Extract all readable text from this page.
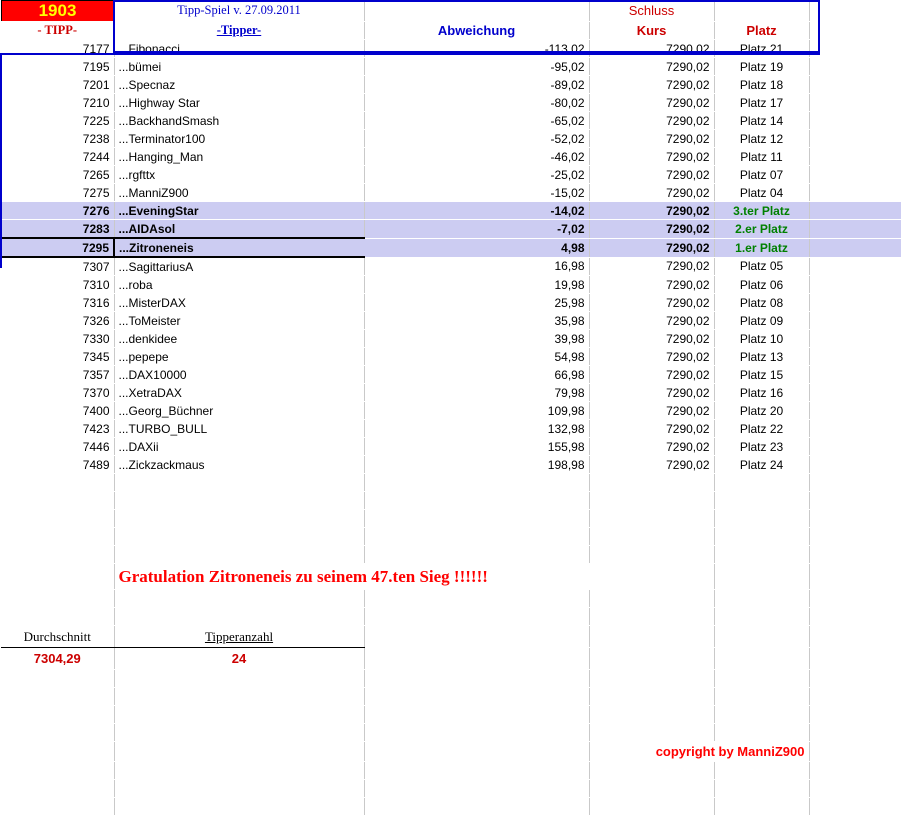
1903	Tipp-Spiel v. 27.09.2011		Schluss		
- TIPP-	-Tipper-	Abweichung	Kurs	Platz	
7177	...Fibonacci.	-113,02	7290,02	Platz 21	
7195	...bümei	-95,02	7290,02	Platz 19	
7201	...Specnaz	-89,02	7290,02	Platz 18	
7210	...Highway Star	-80,02	7290,02	Platz 17	
7225	...BackhandSmash	-65,02	7290,02	Platz 14	
7238	...Terminator100	-52,02	7290,02	Platz 12	
7244	...Hanging_Man	-46,02	7290,02	Platz 11	
7265	...rgfttx	-25,02	7290,02	Platz 07	
7275	...ManniZ900	-15,02	7290,02	Platz 04	
7276	...EveningStar	-14,02	7290,02	3.ter Platz	
7283	...AIDAsol	-7,02	7290,02	2.er Platz	
7295	...Zitroneneis	4,98	7290,02	1.er Platz	
7307	...SagittariusA	16,98	7290,02	Platz 05	
7310	...roba	19,98	7290,02	Platz 06	
7316	...MisterDAX	25,98	7290,02	Platz 08	
7326	...ToMeister	35,98	7290,02	Platz 09	
7330	...denkidee	39,98	7290,02	Platz 10	
7345	...pepepe	54,98	7290,02	Platz 13	
7357	...DAX10000	66,98	7290,02	Platz 15	
7370	...XetraDAX	79,98	7290,02	Platz 16	
7400	...Georg_Büchner	109,98	7290,02	Platz 20	
7423	...TURBO_BULL	132,98	7290,02	Platz 22	
7446	...DAXii	155,98	7290,02	Platz 23	
7489	...Zickzackmaus	198,98	7290,02	Platz 24	

	Gratulation Zitroneneis zu seinem 47.ten Sieg !!!!!!				

Durchschnitt	Tipperanzahl				
7304,29	24				

			copyright by ManniZ900		
